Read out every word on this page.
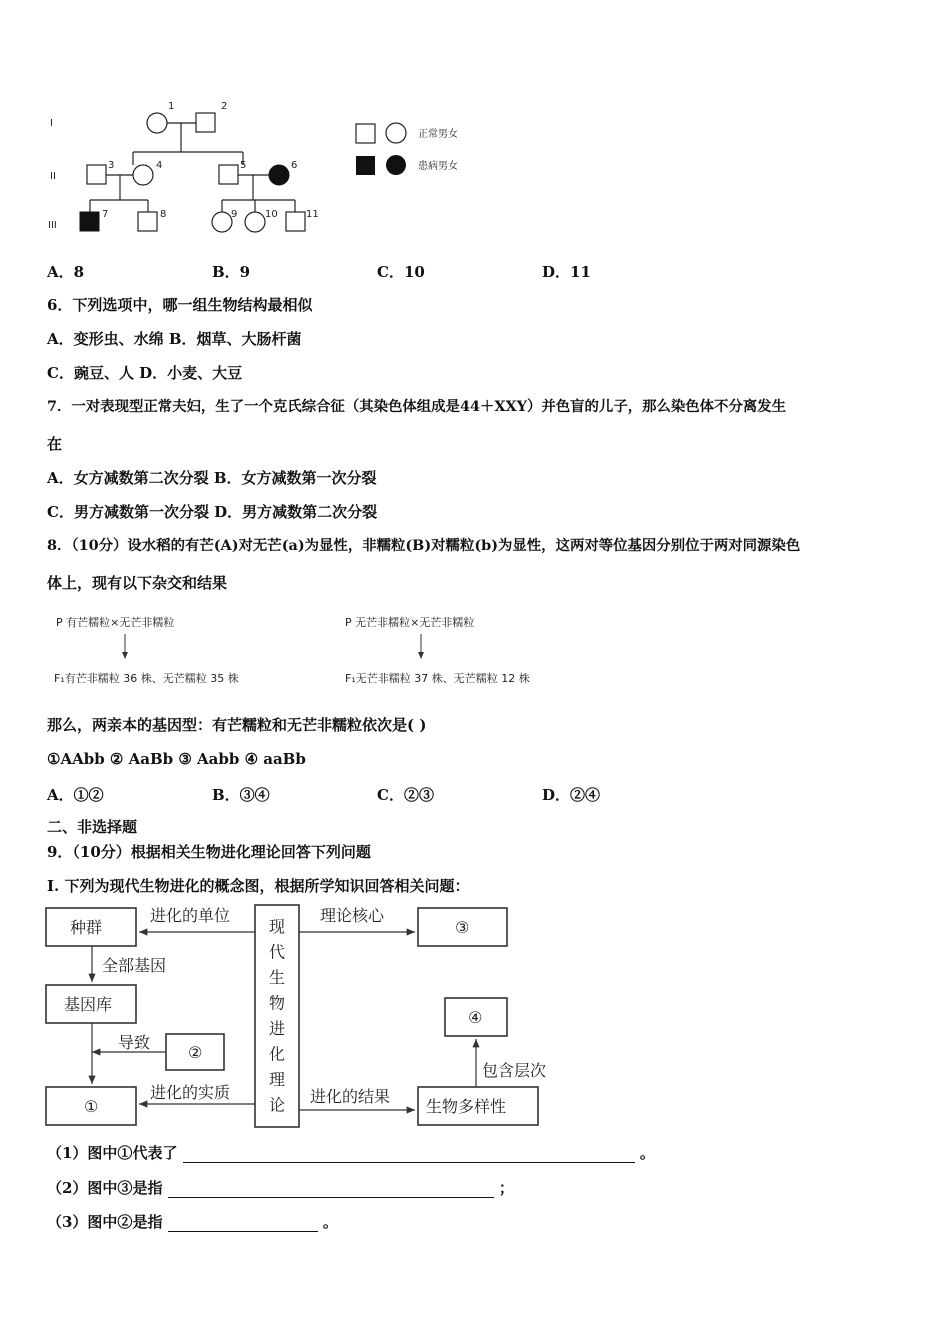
I
II
III
1	2
3	4	5	6
7	8	9	10	11
正常男女
患病男女
A．8	B．9	C．10	D．11
6．下列选项中，哪一组生物结构最相似
A．变形虫、水绵 B．烟草、大肠杆菌
C．豌豆、人 D．小麦、大豆
7．一对表现型正常夫妇，生了一个克氏综合征（其染色体组成是44＋XXY）并色盲的儿子，那么染色体不分离发生
在
A．女方减数第二次分裂 B．女方减数第一次分裂
C．男方减数第一次分裂 D．男方减数第二次分裂
8．（10分）设水稻的有芒(A)对无芒(a)为显性，非糯粒(B)对糯粒(b)为显性，这两对等位基因分别位于两对同源染色
体上，现有以下杂交和结果
P 有芒糯粒×无芒非糯粒
F₁有芒非糯粒 36 株、无芒糯粒 35 株
P 无芒非糯粒×无芒非糯粒
F₁无芒非糯粒 37 株、无芒糯粒 12 株
那么，两亲本的基因型：有芒糯粒和无芒非糯粒依次是( )
①AAbb ② AaBb ③ Aabb ④ aaBb
A．①②	B．③④	C．②③	D．②④
二、非选择题
9．（10分）根据相关生物进化理论回答下列问题
I. 下列为现代生物进化的概念图，根据所学知识回答相关问题：
种群
进化的单位	理论核心
③
全部基因
基因库
④
导致
②
包含层次
进化的实质	进化的结果
①	生物多样性
现代生物进化理论
（1）图中①代表了	。
（2）图中③是指	；
（3）图中②是指	。
